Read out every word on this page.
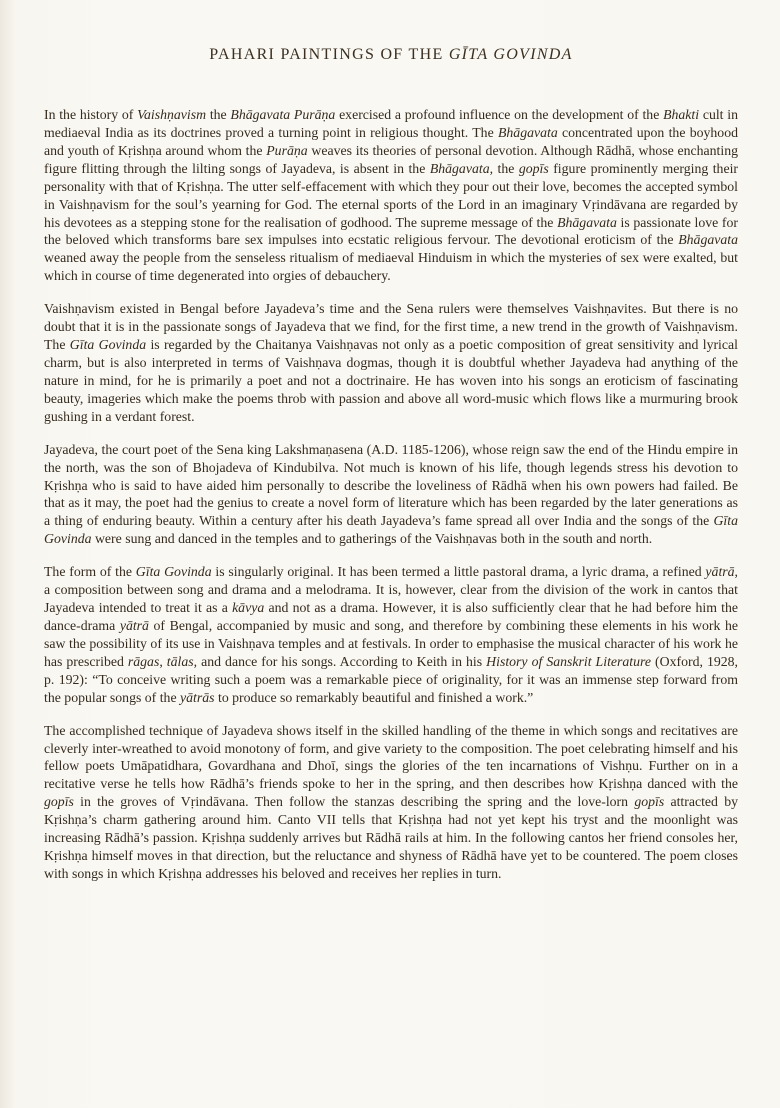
PAHARI PAINTINGS OF THE GĪTA GOVINDA

In the history of Vaishṇavism the Bhāgavata Purāṇa exercised a profound influence on the development of the Bhakti cult in mediaeval India as its doctrines proved a turning point in religious thought. The Bhāgavata concentrated upon the boyhood and youth of Kṛishṇa around whom the Purāṇa weaves its theories of personal devotion. Although Rādhā, whose enchanting figure flitting through the lilting songs of Jayadeva, is absent in the Bhāgavata, the gopīs figure prominently merging their personality with that of Kṛishṇa. The utter self-effacement with which they pour out their love, becomes the accepted symbol in Vaishṇavism for the soul’s yearning for God. The eternal sports of the Lord in an imaginary Vṛindāvana are regarded by his devotees as a stepping stone for the realisation of godhood. The supreme message of the Bhāgavata is passionate love for the beloved which transforms bare sex impulses into ecstatic religious fervour. The devotional eroticism of the Bhāgavata weaned away the people from the senseless ritualism of mediaeval Hinduism in which the mysteries of sex were exalted, but which in course of time degenerated into orgies of debauchery.

Vaishṇavism existed in Bengal before Jayadeva’s time and the Sena rulers were themselves Vaishṇavites. But there is no doubt that it is in the passionate songs of Jayadeva that we find, for the first time, a new trend in the growth of Vaishṇavism. The Gīta Govinda is regarded by the Chaitanya Vaishṇavas not only as a poetic composition of great sensitivity and lyrical charm, but is also interpreted in terms of Vaishṇava dogmas, though it is doubtful whether Jayadeva had anything of the nature in mind, for he is primarily a poet and not a doctrinaire. He has woven into his songs an eroticism of fascinating beauty, imageries which make the poems throb with passion and above all word-music which flows like a murmuring brook gushing in a verdant forest.

Jayadeva, the court poet of the Sena king Lakshmaṇasena (A.D. 1185-1206), whose reign saw the end of the Hindu empire in the north, was the son of Bhojadeva of Kindubilva. Not much is known of his life, though legends stress his devotion to Kṛishṇa who is said to have aided him personally to describe the loveliness of Rādhā when his own powers had failed. Be that as it may, the poet had the genius to create a novel form of literature which has been regarded by the later generations as a thing of enduring beauty. Within a century after his death Jayadeva’s fame spread all over India and the songs of the Gīta Govinda were sung and danced in the temples and to gatherings of the Vaishṇavas both in the south and north.

The form of the Gīta Govinda is singularly original. It has been termed a little pastoral drama, a lyric drama, a refined yātrā, a composition between song and drama and a melodrama. It is, however, clear from the division of the work in cantos that Jayadeva intended to treat it as a kāvya and not as a drama. However, it is also sufficiently clear that he had before him the dance-drama yātrā of Bengal, accompanied by music and song, and therefore by combining these elements in his work he saw the possibility of its use in Vaishṇava temples and at festivals. In order to emphasise the musical character of his work he has prescribed rāgas, tālas, and dance for his songs. According to Keith in his History of Sanskrit Literature (Oxford, 1928, p. 192): “To conceive writing such a poem was a remarkable piece of originality, for it was an immense step forward from the popular songs of the yātrās to produce so remarkably beautiful and finished a work.”

The accomplished technique of Jayadeva shows itself in the skilled handling of the theme in which songs and recitatives are cleverly inter-wreathed to avoid monotony of form, and give variety to the composition. The poet celebrating himself and his fellow poets Umāpatidhara, Govardhana and Dhoī, sings the glories of the ten incarnations of Vishṇu. Further on in a recitative verse he tells how Rādhā’s friends spoke to her in the spring, and then describes how Kṛishṇa danced with the gopīs in the groves of Vṛindāvana. Then follow the stanzas describing the spring and the love-lorn gopīs attracted by Kṛishṇa’s charm gathering around him. Canto VII tells that Kṛishṇa had not yet kept his tryst and the moonlight was increasing Rādhā’s passion. Kṛishṇa suddenly arrives but Rādhā rails at him. In the following cantos her friend consoles her, Kṛishṇa himself moves in that direction, but the reluctance and shyness of Rādhā have yet to be countered. The poem closes with songs in which Kṛishṇa addresses his beloved and receives her replies in turn.
